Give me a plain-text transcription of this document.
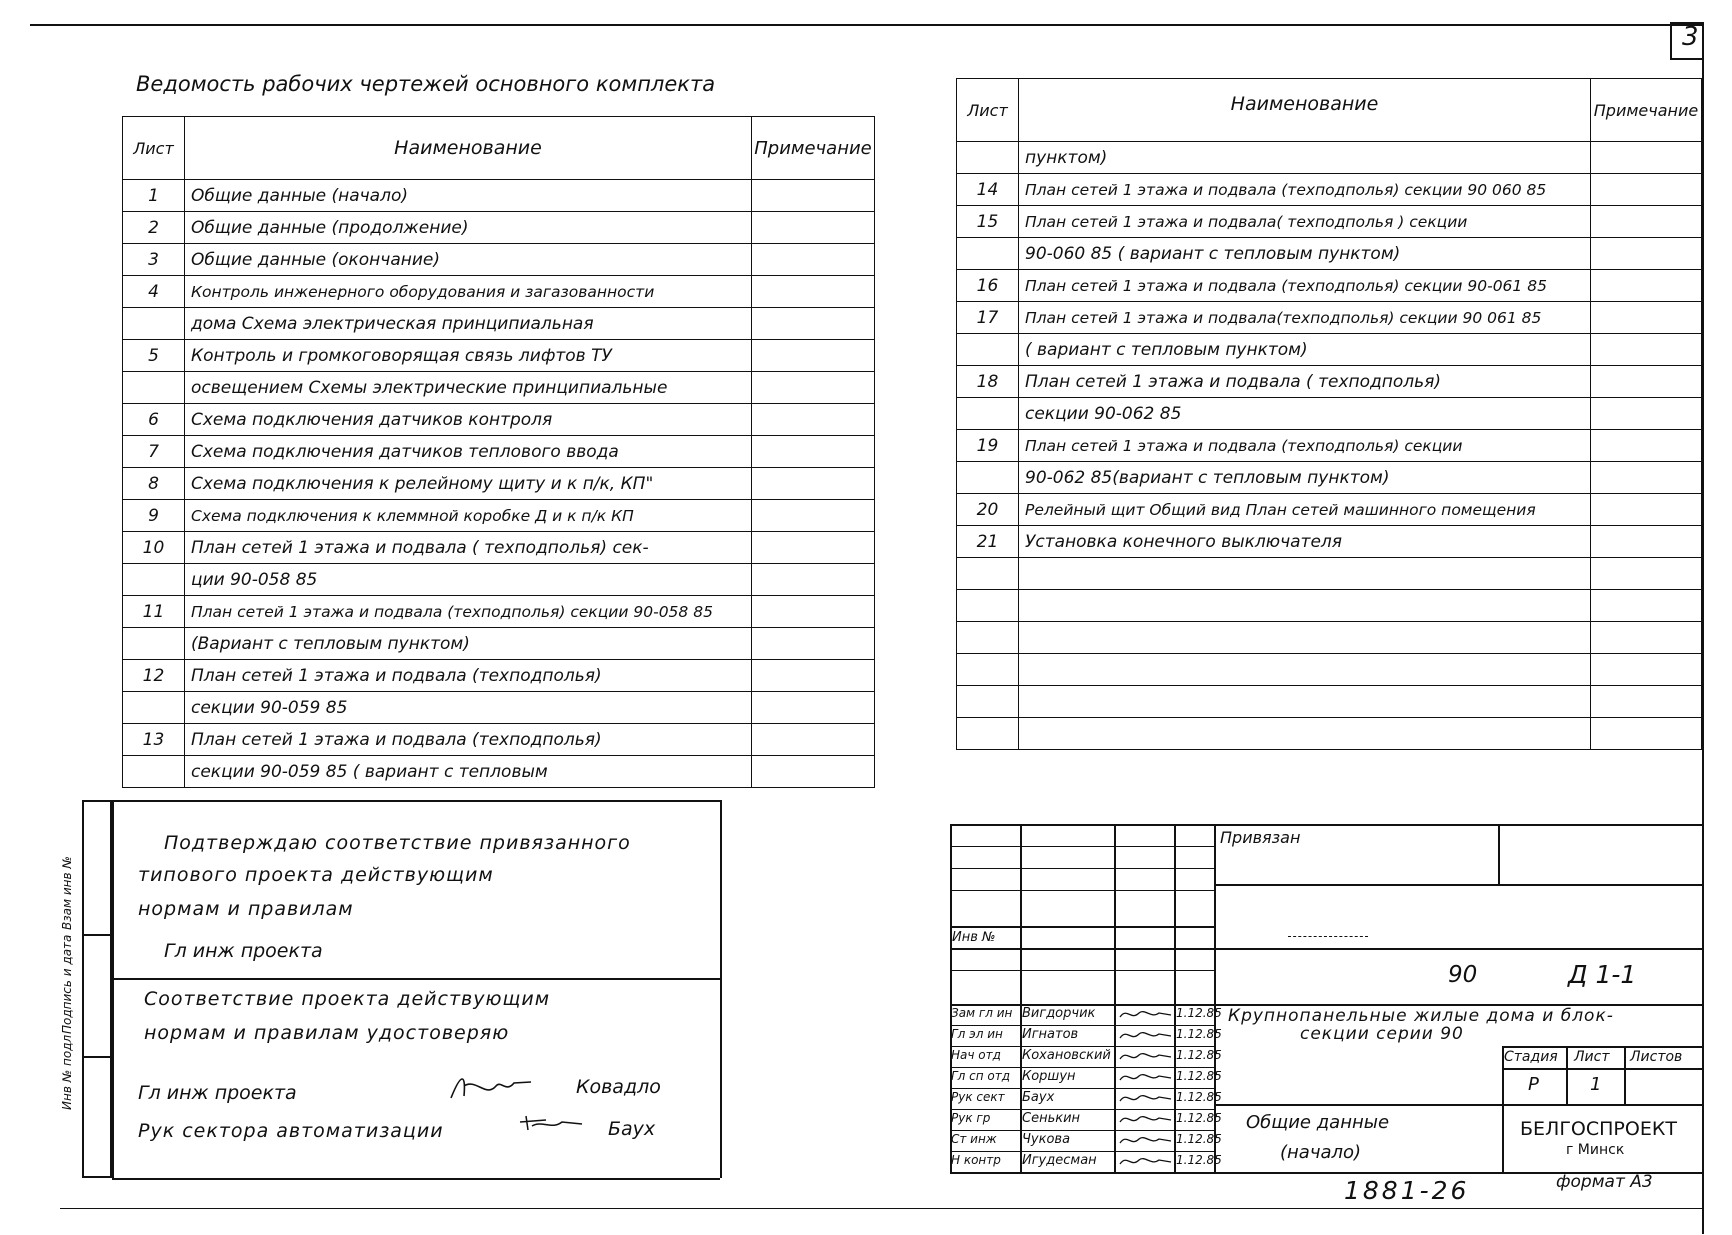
3
Ведомость рабочих чертежей основного комплекта
Лист	Наименование	Примечание
1	Общие данные (начало)	
2	Общие данные (продолжение)	
3	Общие данные (окончание)	
4	Контроль инженерного оборудования и загазованности	
	дома Схема электрическая принципиальная	
5	Контроль и громкоговорящая связь лифтов ТУ	
	освещением Схемы электрические принципиальные	
6	Схема подключения датчиков контроля	
7	Схема подключения датчиков теплового ввода	
8	Схема подключения к релейному щиту и к п/к, КП"	
9	Схема подключения к клеммной коробке Д и к п/к КП	
10	План сетей 1 этажа и подвала ( техподполья) сек-	
	ции 90-058 85	
11	План сетей 1 этажа и подвала (техподполья) секции 90-058 85	
	(Вариант с тепловым пунктом)	
12	План сетей 1 этажа и подвала (техподполья)	
	секции 90-059 85	
13	План сетей 1 этажа и подвала (техподполья)	
	секции 90-059 85 ( вариант с тепловым	
Лист	Наименование	Примечание
	пунктом)	
14	План сетей 1 этажа и подвала (техподполья) секции 90 060 85	
15	План сетей 1 этажа и подвала( техподполья ) секции	
	90-060 85 ( вариант с тепловым пунктом)	
16	План сетей 1 этажа и подвала (техподполья) секции 90-061 85	
17	План сетей 1 этажа и подвала(техподполья) секции 90 061 85	
	( вариант с тепловым пунктом)	
18	План сетей 1 этажа и подвала ( техподполья)	
	секции 90-062 85	
19	План сетей 1 этажа и подвала (техподполья) секции	
	90-062 85(вариант с тепловым пунктом)	
20	Релейный щит Общий вид План сетей машинного помещения	
21	Установка конечного выключателя	

Инв № подл
Подпись и дата
Взам инв №
Подтверждаю соответствие привязанного
типового проекта действующим
нормам и правилам
Гл инж проекта
Соответствие проекта действующим
нормам и правилам удостоверяю
Гл инж проекта	Ковадло
Рук сектора автоматизации	Баух
Инв №
Зам гл ин Вигдорчик	1.12.85
Гл эл ин Игнатов	1.12.85
Нач отд Кохановский	1.12.85
Гл сп отд Коршун	1.12.85
Рук сект Баух	1.12.85
Рук гр Сенькин	1.12.85
Ст инж Чукова	1.12.85
Н контр Игудесман	1.12.85
Привязан
90	Д 1-1
Крупнопанельные жилые дома и блок-
секции серии 90
Стадия Лист Листов
Р	1
Общие данные
(начало)
БЕЛГОСПРОЕКТ
г Минск
1881-26	формат А3
